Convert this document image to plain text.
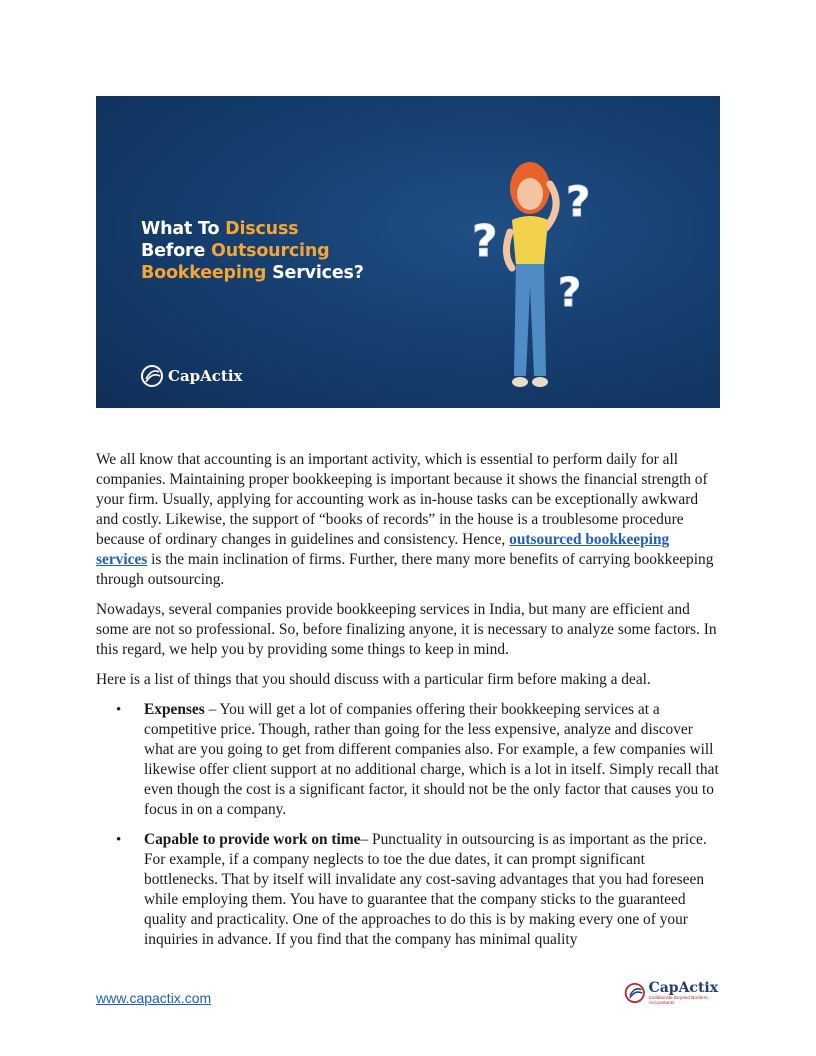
What To Discuss
Before Outsourcing
Bookkeeping Services?
CapActix
?
?
?

We all know that accounting is an important activity, which is essential to perform daily for all companies. Maintaining proper bookkeeping is important because it shows the financial strength of your firm. Usually, applying for accounting work as in-house tasks can be exceptionally awkward and costly. Likewise, the support of “books of records” in the house is a troublesome procedure because of ordinary changes in guidelines and consistency. Hence, outsourced bookkeeping services is the main inclination of firms. Further, there many more benefits of carrying bookkeeping through outsourcing.

Nowadays, several companies provide bookkeeping services in India, but many are efficient and some are not so professional. So, before finalizing anyone, it is necessary to analyze some factors. In this regard, we help you by providing some things to keep in mind.

Here is a list of things that you should discuss with a particular firm before making a deal.

•	Expenses – You will get a lot of companies offering their bookkeeping services at a competitive price. Though, rather than going for the less expensive, analyze and discover what are you going to get from different companies also. For example, a few companies will likewise offer client support at no additional charge, which is a lot in itself. Simply recall that even though the cost is a significant factor, it should not be the only factor that causes you to focus in on a company.
•	Capable to provide work on time– Punctuality in outsourcing is as important as the price. For example, if a company neglects to toe the due dates, it can prompt significant bottlenecks. That by itself will invalidate any cost-saving advantages that you had foreseen while employing them. You have to guarantee that the company sticks to the guaranteed quality and practicality. One of the approaches to do this is by making every one of your inquiries in advance. If you find that the company has minimal quality
www.capactix.com
CapActix
Collaborate Beyond Borders Accountants
